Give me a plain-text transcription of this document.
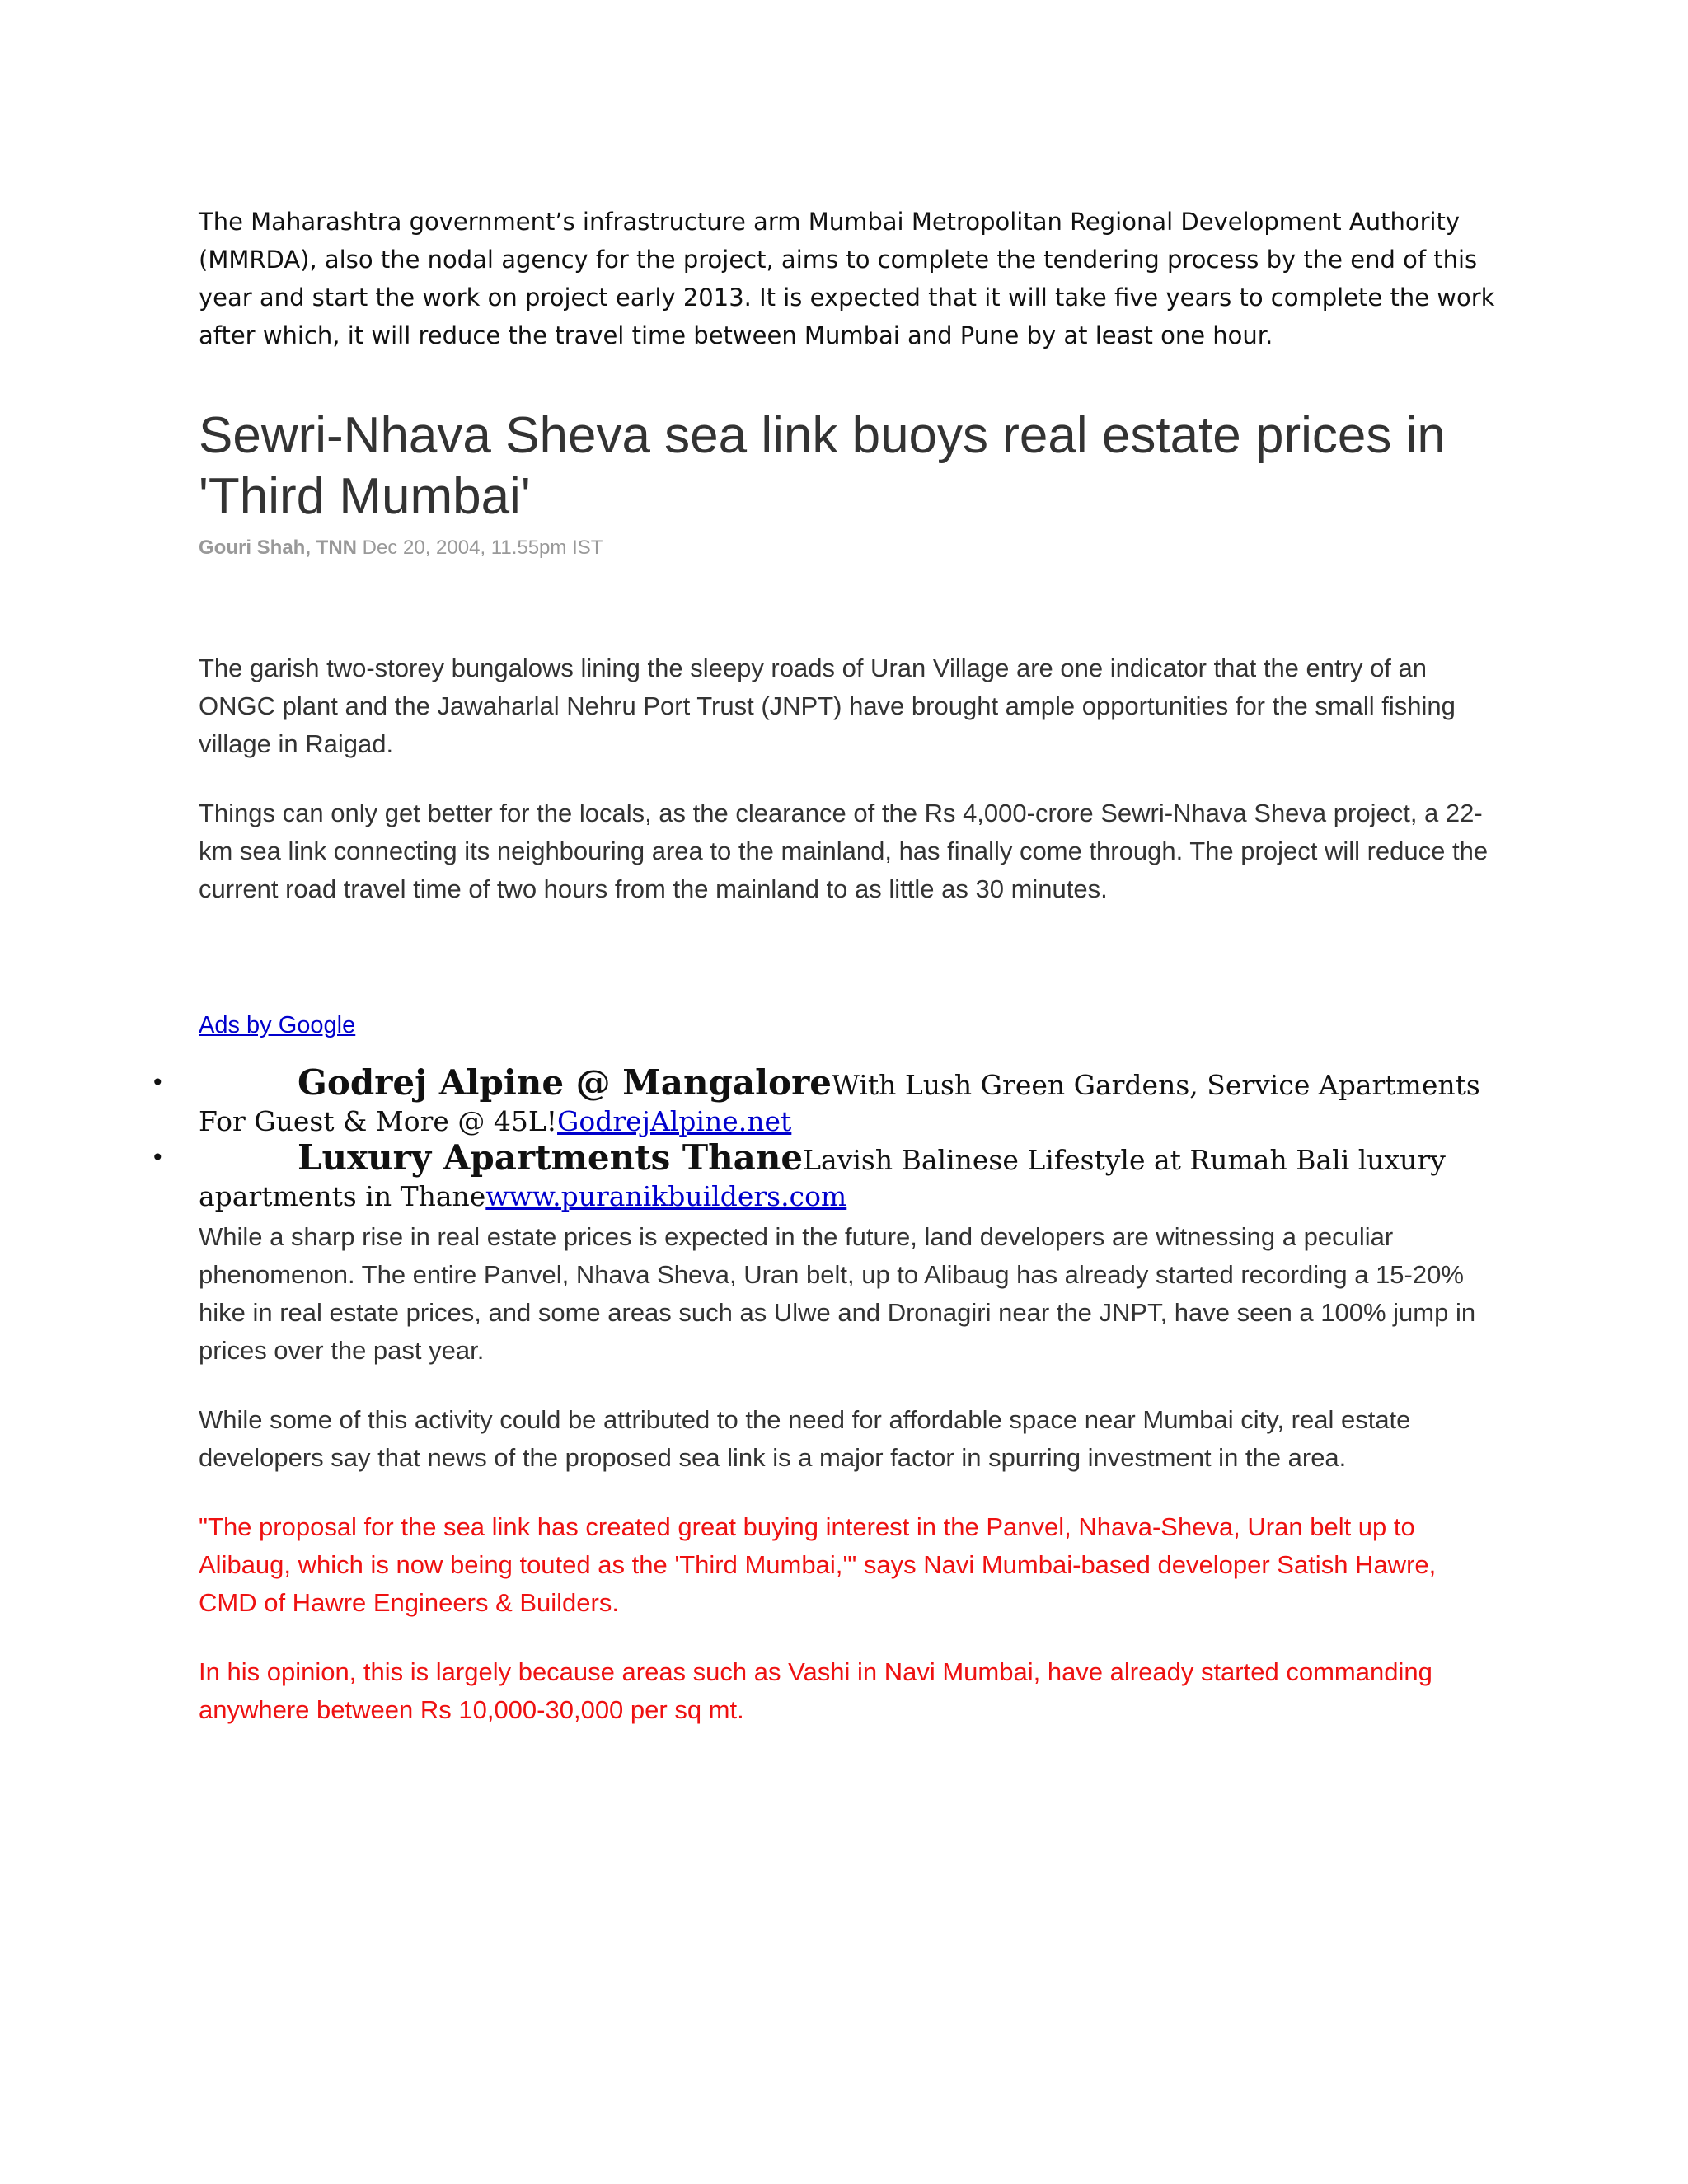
The Maharashtra government’s infrastructure arm Mumbai Metropolitan Regional Development Authority (MMRDA), also the nodal agency for the project, aims to complete the tendering process by the end of this year and start the work on project early 2013. It is expected that it will take five years to complete the work after which, it will reduce the travel time between Mumbai and Pune by at least one hour.

Sewri-Nhava Sheva sea link buoys real estate prices in 'Third Mumbai'
Gouri Shah, TNN Dec 20, 2004, 11.55pm IST

The garish two-storey bungalows lining the sleepy roads of Uran Village are one indicator that the entry of an ONGC plant and the Jawaharlal Nehru Port Trust (JNPT) have brought ample opportunities for the small fishing village in Raigad.

Things can only get better for the locals, as the clearance of the Rs 4,000-crore Sewri-Nhava Sheva project, a 22-km sea link connecting its neighbouring area to the mainland, has finally come through. The project will reduce the current road travel time of two hours from the mainland to as little as 30 minutes.

Ads by Google
•	Godrej Alpine @ MangaloreWith Lush Green Gardens, Service Apartments For Guest & More @ 45L!GodrejAlpine.net
•	Luxury Apartments ThaneLavish Balinese Lifestyle at Rumah Bali luxury apartments in Thanewww.puranikbuilders.com

While a sharp rise in real estate prices is expected in the future, land developers are witnessing a peculiar phenomenon. The entire Panvel, Nhava Sheva, Uran belt, up to Alibaug has already started recording a 15-20% hike in real estate prices, and some areas such as Ulwe and Dronagiri near the JNPT, have seen a 100% jump in prices over the past year.

While some of this activity could be attributed to the need for affordable space near Mumbai city, real estate developers say that news of the proposed sea link is a major factor in spurring investment in the area.

"The proposal for the sea link has created great buying interest in the Panvel, Nhava-Sheva, Uran belt up to Alibaug, which is now being touted as the 'Third Mumbai,'" says Navi Mumbai-based developer Satish Hawre, CMD of Hawre Engineers & Builders.

In his opinion, this is largely because areas such as Vashi in Navi Mumbai, have already started commanding anywhere between Rs 10,000-30,000 per sq mt.
